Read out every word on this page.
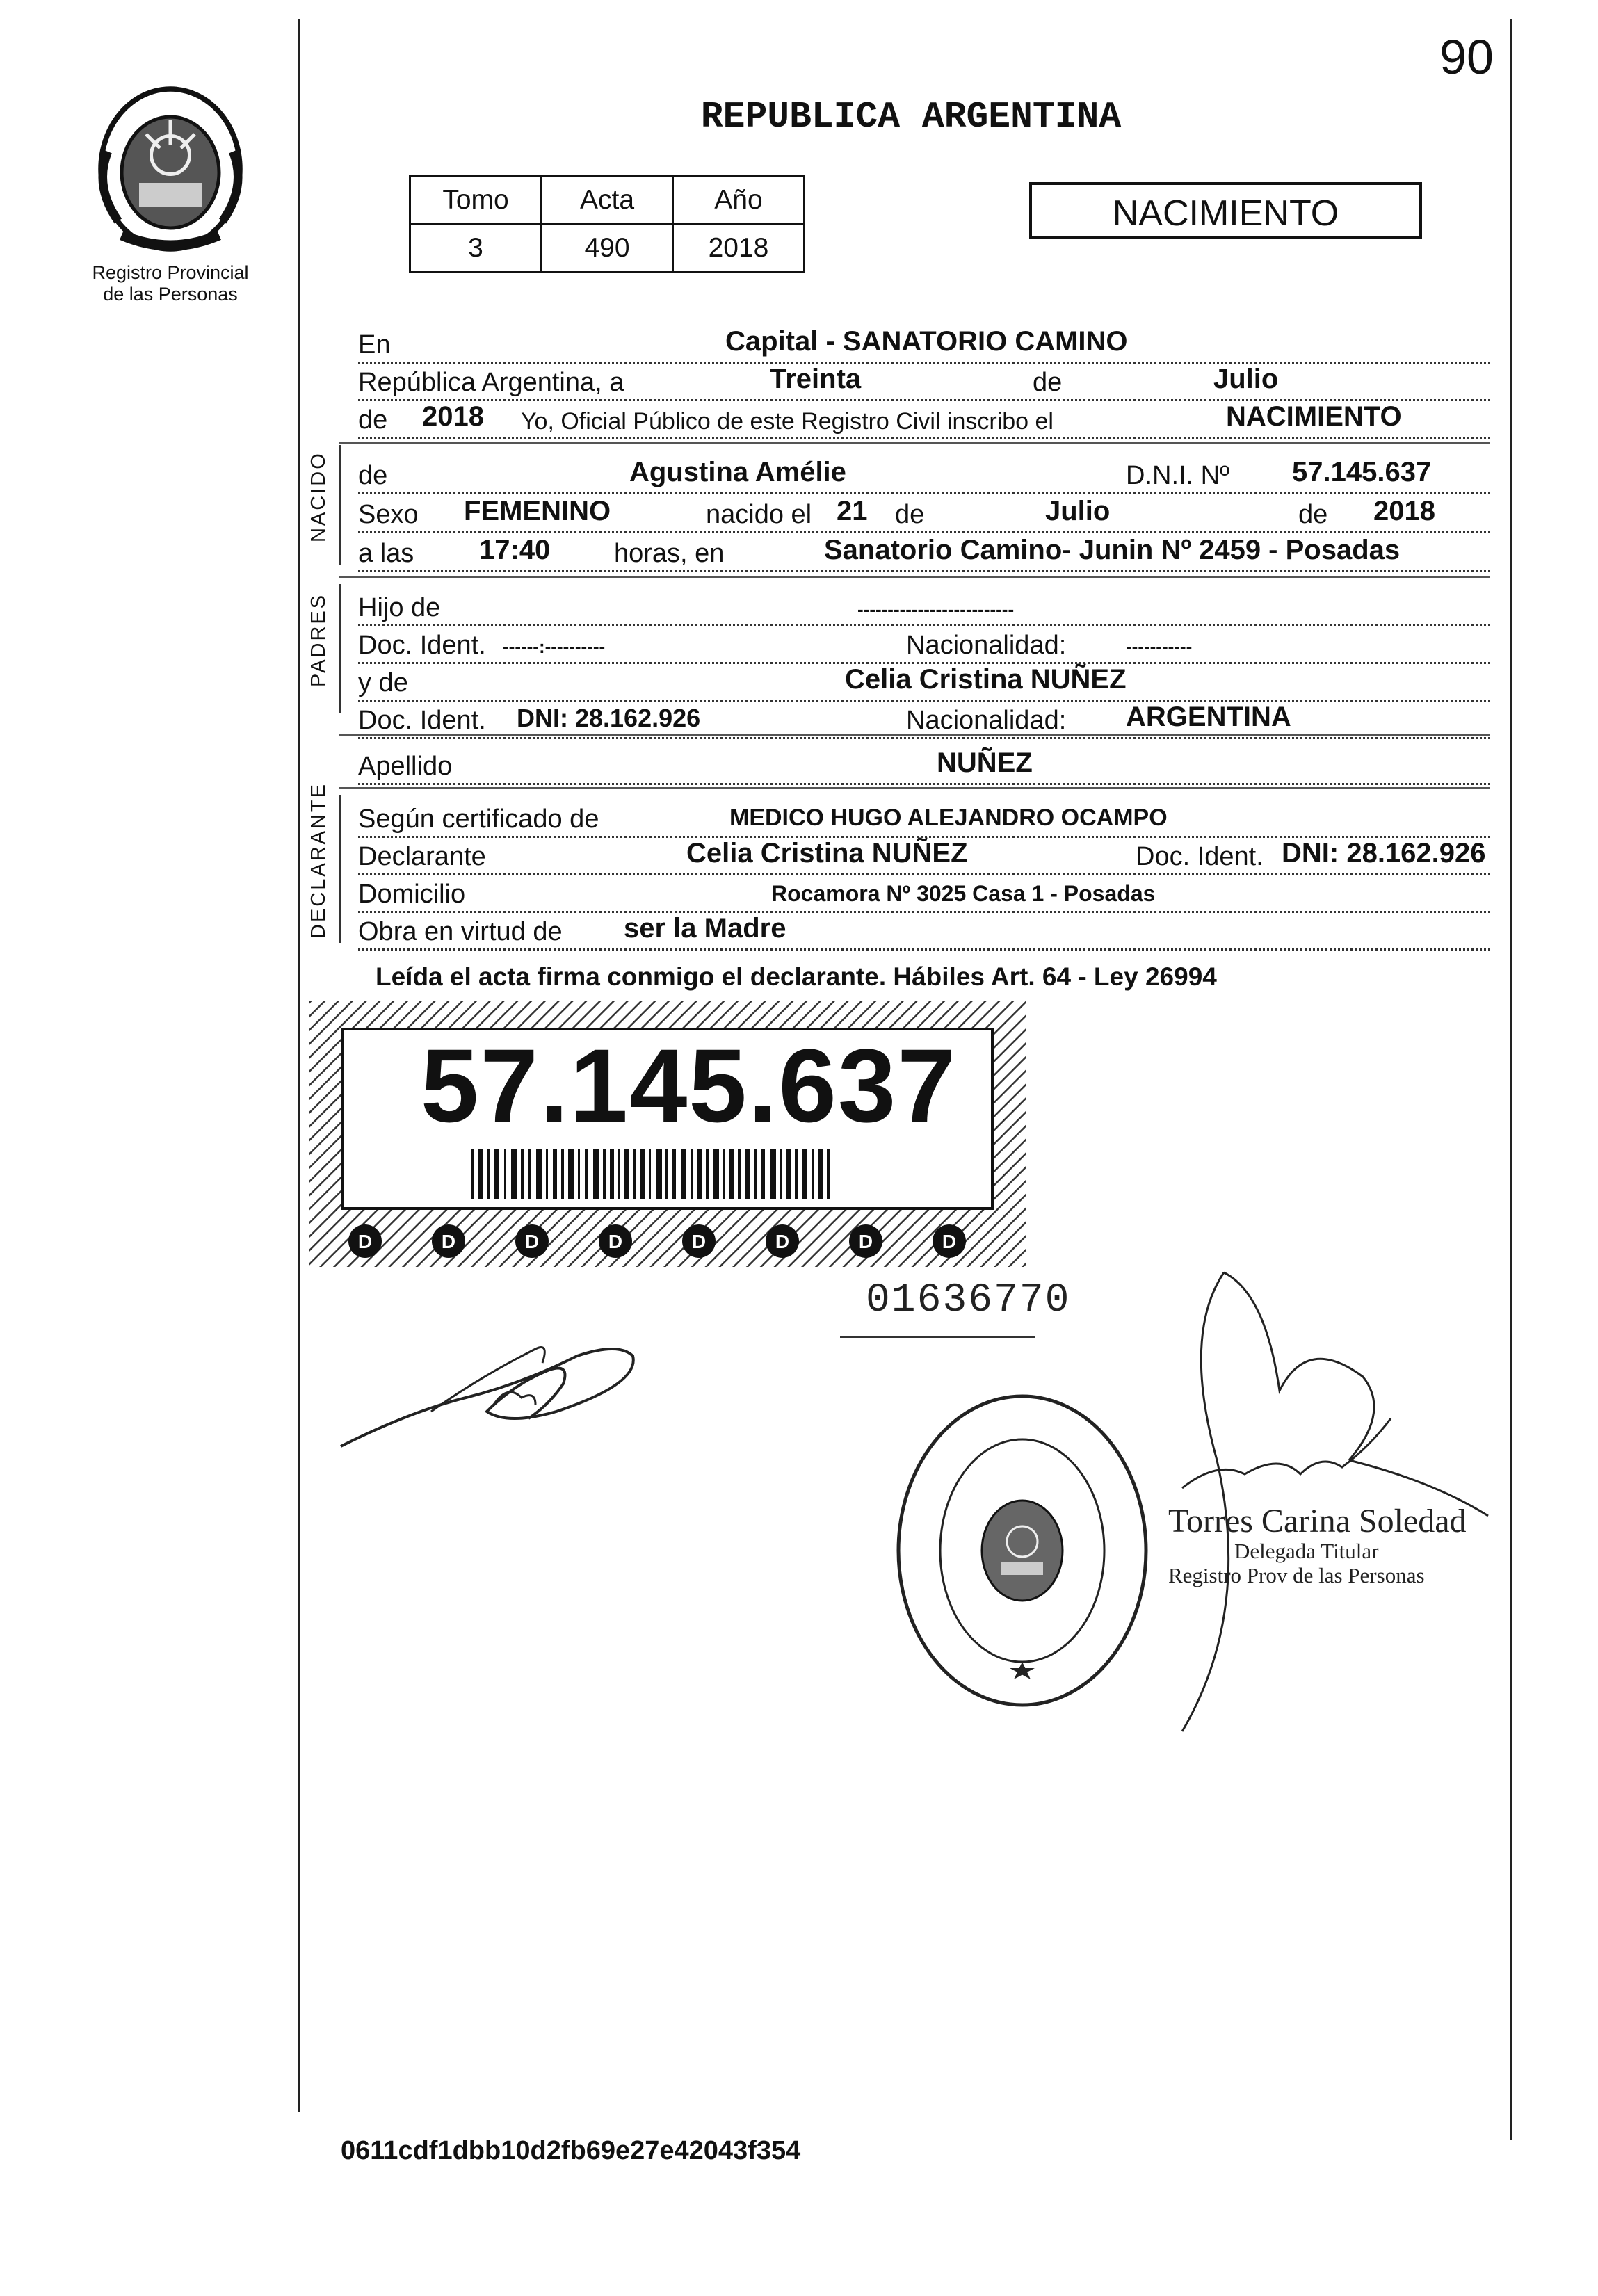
Registro Provincial
de las Personas
90
REPUBLICA ARGENTINA
Tomo	Acta	Año
3	490	2018
NACIMIENTO
En	Capital - SANATORIO CAMINO
República Argentina, a	Treinta	de	Julio
de 2018 Yo, Oficial Público de este Registro Civil inscribo el	NACIMIENTO
NACIDO de	Agustina Amélie	D.N.I. Nº 57.145.637
Sexo FEMENINO	nacido el 21 de	Julio	de 2018
a las 17:40 horas, en	Sanatorio Camino- Junin Nº 2459 - Posadas
PADRES Hijo de	--------------------------
Doc. Ident. ------:----------	Nacionalidad:	-----------
y de	Celia Cristina NUÑEZ
Doc. Ident. DNI: 28.162.926	Nacionalidad: ARGENTINA
Apellido	NUÑEZ
DECLARANTE Según certificado de	MEDICO HUGO ALEJANDRO OCAMPO
Declarante	Celia Cristina NUÑEZ	Doc. Ident. DNI: 28.162.926
Domicilio	Rocamora Nº 3025 Casa 1 - Posadas
Obra en virtud de ser la Madre
Leída el acta firma conmigo el declarante. Hábiles Art. 64 - Ley 26994
D	D	D	D	D	D	D	D
57.145.637
01636770
Torres Carina Soledad
Delegada Titular
Registro Prov de las Personas
0611cdf1dbb10d2fb69e27e42043f354
